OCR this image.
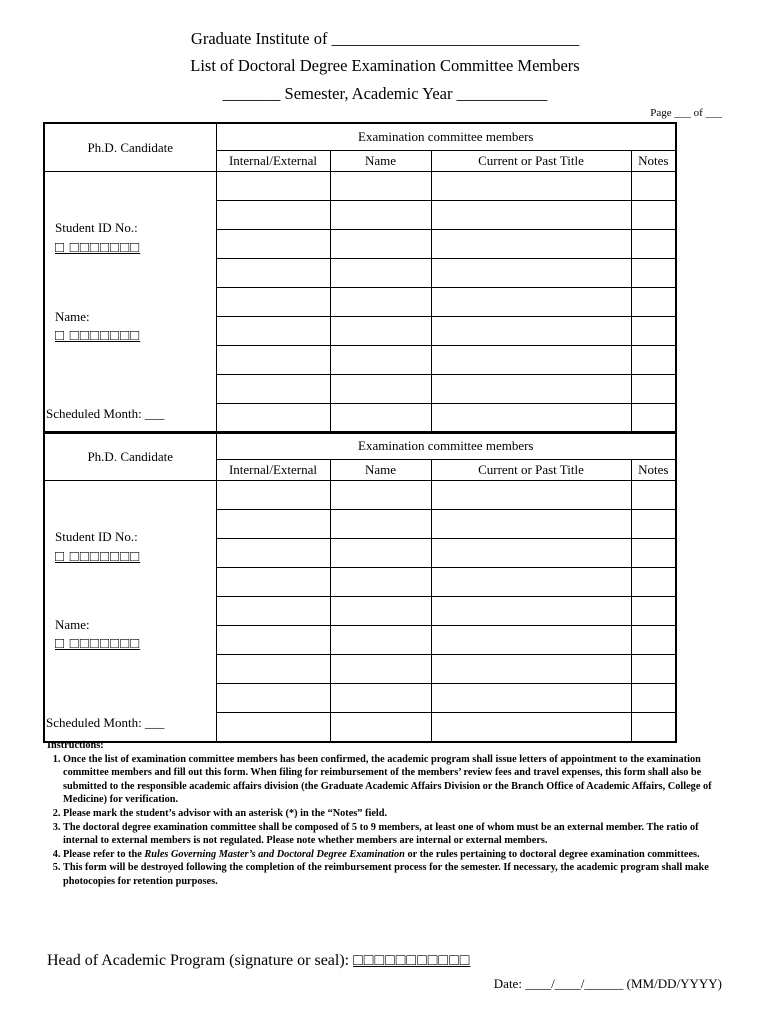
Graduate Institute of ______________________________
List of Doctoral Degree Examination Committee Members
_______ Semester, Academic Year ___________
Page ___ of ___
Ph.D. Candidate	Examination committee members			
	Internal/External	Name	Current or Past Title	Notes

Student ID No.:
□ □□□□□□□
Name:
□ □□□□□□□
Scheduled Month: ___				

Ph.D. Candidate	Examination committee members			
	Internal/External	Name	Current or Past Title	Notes

Student ID No.:
□ □□□□□□□
Name:
□ □□□□□□□
Scheduled Month: ___				

Instructions:
1. Once the list of examination committee members has been confirmed, the academic program shall issue letters of appointment to the examination committee members and fill out this form. When filing for reimbursement of the members’ review fees and travel expenses, this form shall also be submitted to the responsible academic affairs division (the Graduate Academic Affairs Division or the Branch Office of Academic Affairs, College of Medicine) for verification.
2. Please mark the student’s advisor with an asterisk (*) in the “Notes” field.
3. The doctoral degree examination committee shall be composed of 5 to 9 members, at least one of whom must be an external member. The ratio of internal to external members is not regulated. Please note whether members are internal or external members.
4. Please refer to the Rules Governing Master’s and Doctoral Degree Examination or the rules pertaining to doctoral degree examination committees.
5. This form will be destroyed following the completion of the reimbursement process for the semester. If necessary, the academic program shall make photocopies for retention purposes.
Head of Academic Program (signature or seal): □□□□□□□□□□□
Date: ____/____/______ (MM/DD/YYYY)
